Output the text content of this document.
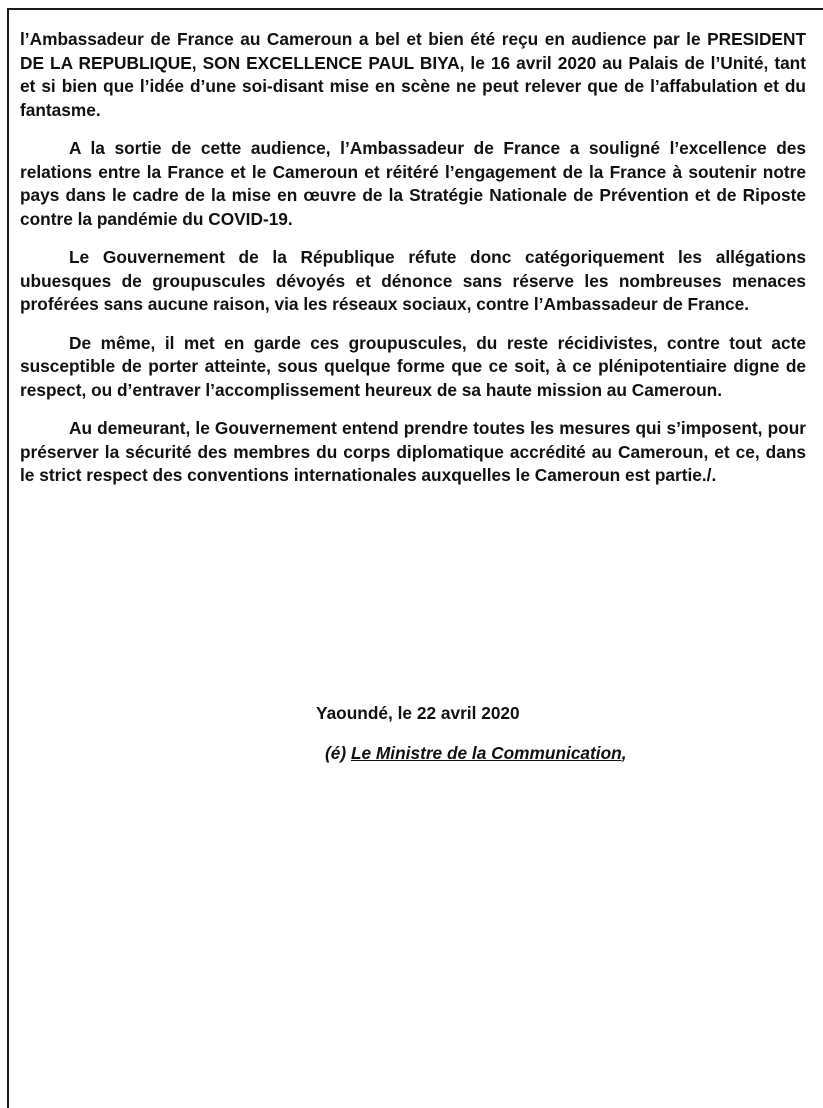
l’Ambassadeur de France au Cameroun a bel et bien été reçu en audience par le PRESIDENT DE LA REPUBLIQUE, SON EXCELLENCE PAUL BIYA, le 16 avril 2020 au Palais de l’Unité, tant et si bien que l’idée d’une soi-disant mise en scène ne peut relever que de l’affabulation et du fantasme.

A la sortie de cette audience, l’Ambassadeur de France a souligné l’excellence des relations entre la France et le Cameroun et réitéré l’engagement de la France à soutenir notre pays dans le cadre de la mise en œuvre de la Stratégie Nationale de Prévention et de Riposte contre la pandémie du COVID-19.

Le Gouvernement de la République réfute donc catégoriquement les allégations ubuesques de groupuscules dévoyés et dénonce sans réserve les nombreuses menaces proférées sans aucune raison, via les réseaux sociaux, contre l’Ambassadeur de France.

De même, il met en garde ces groupuscules, du reste récidivistes, contre tout acte susceptible de porter atteinte, sous quelque forme que ce soit, à ce plénipotentiaire digne de respect, ou d’entraver l’accomplissement heureux de sa haute mission au Cameroun.

Au demeurant, le Gouvernement entend prendre toutes les mesures qui s’imposent, pour préserver la sécurité des membres du corps diplomatique accrédité au Cameroun, et ce, dans le strict respect des conventions internationales auxquelles le Cameroun est partie./.

Yaoundé, le 22 avril 2020
(é) Le Ministre de la Communication,
